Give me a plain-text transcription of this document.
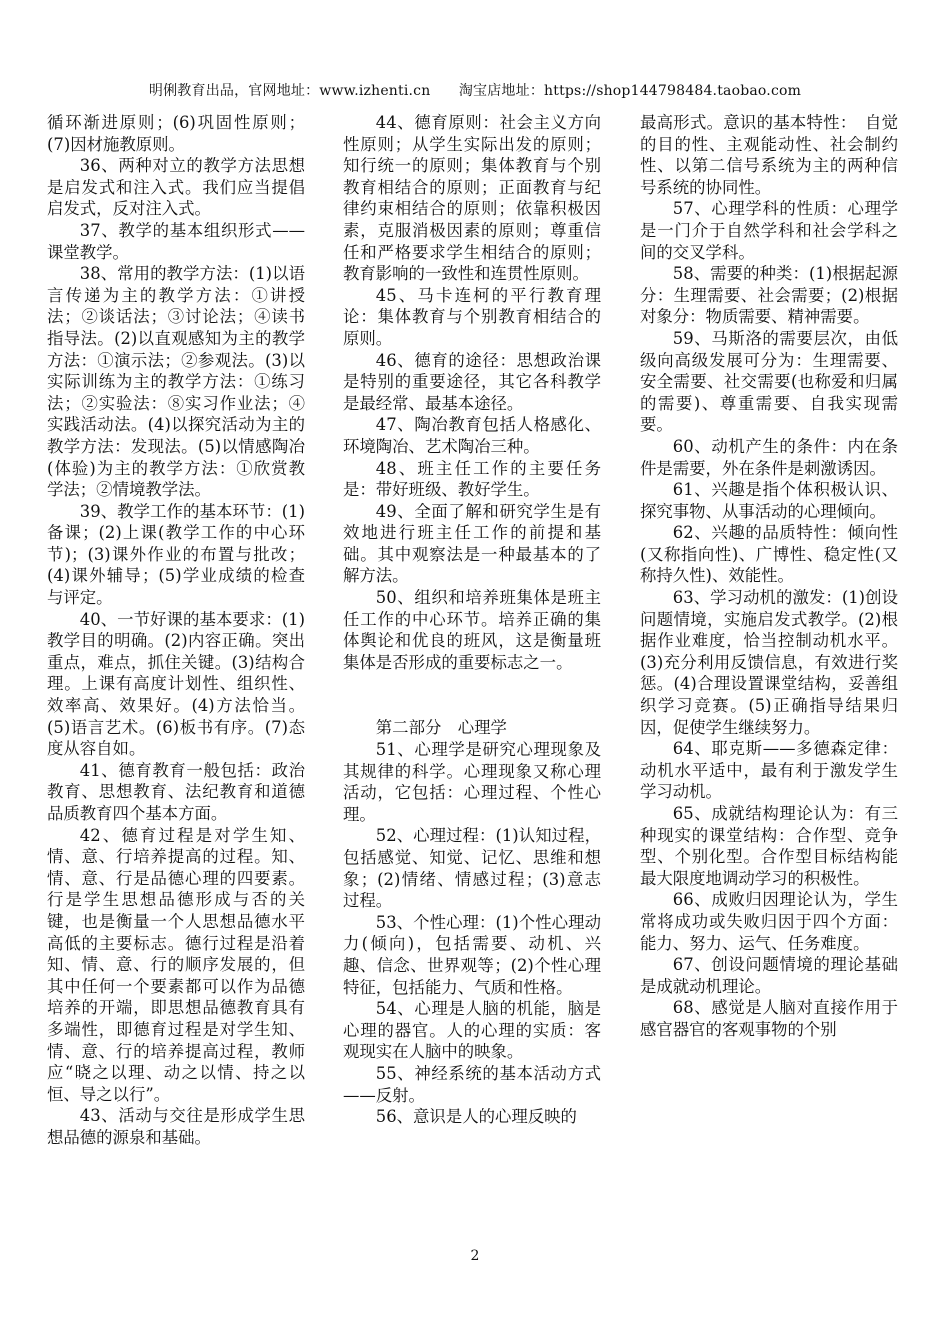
明俐教育出品，官网地址：www.izhenti.cn　　淘宝店地址：https://shop144798484.taobao.com

循环渐进原则；(6)巩固性原则；(7)因材施教原则。

36、两种对立的教学方法思想是启发式和注入式。我们应当提倡启发式，反对注入式。

37、教学的基本组织形式——课堂教学。

38、常用的教学方法：(1)以语言传递为主的教学方法：①讲授法；②谈话法；③讨论法；④读书指导法。(2)以直观感知为主的教学方法：①演示法；②参观法。(3)以实际训练为主的教学方法：①练习法；②实验法：⑧实习作业法；④实践活动法。(4)以探究活动为主的教学方法：发现法。(5)以情感陶冶(体验)为主的教学方法：①欣赏教学法；②情境教学法。

39、教学工作的基本环节：(1)备课；(2)上课(教学工作的中心环节)；(3)课外作业的布置与批改；(4)课外辅导；(5)学业成绩的检查与评定。

40、一节好课的基本要求：(1)教学目的明确。(2)内容正确。突出重点，难点，抓住关键。(3)结构合理。上课有高度计划性、组织性、效率高、效果好。(4)方法恰当。(5)语言艺术。(6)板书有序。(7)态度从容自如。

41、德育教育一般包括：政治教育、思想教育、法纪教育和道德品质教育四个基本方面。

42、德育过程是对学生知、情、意、行培养提高的过程。知、情、意、行是品德心理的四要素。行是学生思想品德形成与否的关键，也是衡量一个人思想品德水平高低的主要标志。德行过程是沿着知、情、意、行的顺序发展的，但其中任何一个要素都可以作为品德培养的开端，即思想品德教育具有多端性，即德育过程是对学生知、情、意、行的培养提高过程，教师应“晓之以理、动之以情、持之以恒、导之以行”。

43、活动与交往是形成学生思想品德的源泉和基础。

44、德育原则：社会主义方向性原则；从学生实际出发的原则；知行统一的原则；集体教育与个别教育相结合的原则；正面教育与纪律约束相结合的原则；依靠积极因素，克服消极因素的原则；尊重信任和严格要求学生相结合的原则；教育影响的一致性和连贯性原则。

45、马卡连柯的平行教育理论：集体教育与个别教育相结合的原则。

46、德育的途径：思想政治课是特别的重要途径，其它各科教学是最经常、最基本途径。

47、陶冶教育包括人格感化、环境陶冶、艺术陶冶三种。

48、班主任工作的主要任务是：带好班级、教好学生。

49、全面了解和研究学生是有效地进行班主任工作的前提和基础。其中观察法是一种最基本的了解方法。

50、组织和培养班集体是班主任工作的中心环节。培养正确的集体舆论和优良的班风，这是衡量班集体是否形成的重要标志之一。

第二部分　心理学

51、心理学是研究心理现象及其规律的科学。心理现象又称心理活动，它包括：心理过程、个性心理。

52、心理过程：(1)认知过程，包括感觉、知觉、记忆、思维和想象；(2)情绪、情感过程；(3)意志过程。

53、个性心理：(1)个性心理动力(倾向)，包括需要、动机、兴趣、信念、世界观等；(2)个性心理特征，包括能力、气质和性格。

54、心理是人脑的机能，脑是心理的器官。人的心理的实质：客观现实在人脑中的映象。

55、神经系统的基本活动方式——反射。

56、意识是人的心理反映的

最高形式。意识的基本特性：　自觉的目的性、主观能动性、社会制约性、以第二信号系统为主的两种信号系统的协同性。

57、心理学科的性质：心理学是一门介于自然学科和社会学科之间的交叉学科。

58、需要的种类：(1)根据起源分：生理需要、社会需要；(2)根据对象分：物质需要、精神需要。

59、马斯洛的需要层次，由低级向高级发展可分为：生理需要、安全需要、社交需要(也称爱和归属的需要)、尊重需要、自我实现需要。

60、动机产生的条件：内在条件是需要，外在条件是刺激诱因。

61、兴趣是指个体积极认识、探究事物、从事活动的心理倾向。

62、兴趣的品质特性：倾向性(又称指向性)、广博性、稳定性(又称持久性)、效能性。

63、学习动机的激发：(1)创设问题情境，实施启发式教学。(2)根据作业难度，恰当控制动机水平。(3)充分利用反馈信息，有效进行奖惩。(4)合理设置课堂结构，妥善组织学习竞赛。(5)正确指导结果归因，促使学生继续努力。

64、耶克斯——多德森定律：动机水平适中，最有利于激发学生学习动机。

65、成就结构理论认为：有三种现实的课堂结构：合作型、竞争型、个别化型。合作型目标结构能最大限度地调动学习的积极性。

66、成败归因理论认为，学生常将成功或失败归因于四个方面：能力、努力、运气、任务难度。

67、创设问题情境的理论基础是成就动机理论。

68、感觉是人脑对直接作用于感官器官的客观事物的个别

2
